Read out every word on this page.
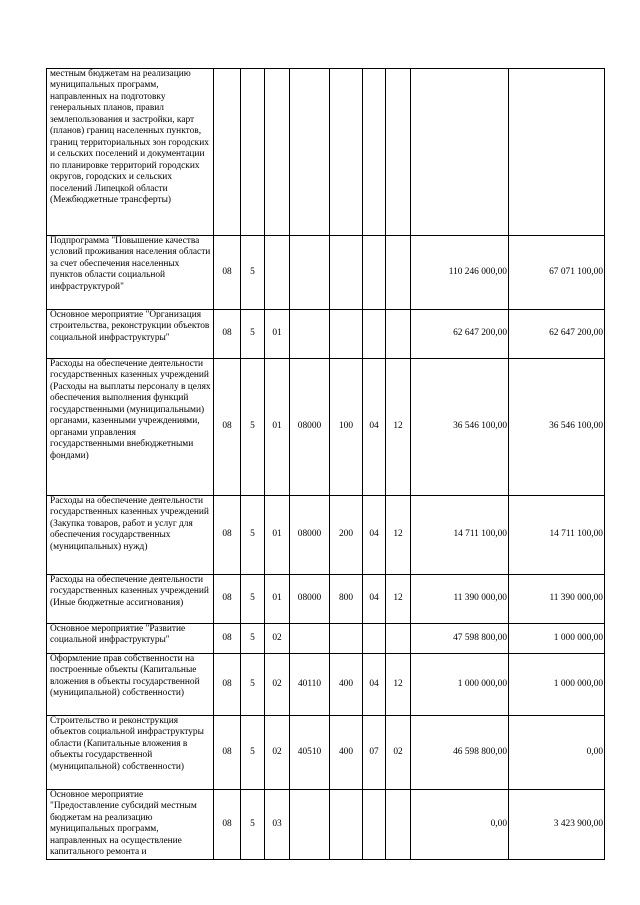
местным бюджетам на реализацию муниципальных программ, направленных на подготовку генеральных планов, правил землепользования и застройки, карт (планов) границ населенных пунктов, границ территориальных зон городских и сельских поселений и документации по планировке территорий городских округов, городских и сельских поселений Липецкой области (Межбюджетные трансферты)									
Подпрограмма "Повышение качества условий проживания населения области за счет обеспечения населенных пунктов области социальной инфраструктурой"	08	5						110 246 000,00	67 071 100,00
Основное мероприятие "Организация строительства, реконструкции объектов социальной инфраструктуры"	08	5	01					62 647 200,00	62 647 200,00
Расходы на обеспечение деятельности государственных казенных учреждений (Расходы на выплаты персоналу в целях обеспечения выполнения функций государственными (муниципальными) органами, казенными учреждениями, органами управления государственными внебюджетными фондами)	08	5	01	08000	100	04	12	36 546 100,00	36 546 100,00
Расходы на обеспечение деятельности государственных казенных учреждений (Закупка товаров, работ и услуг для обеспечения государственных (муниципальных) нужд)	08	5	01	08000	200	04	12	14 711 100,00	14 711 100,00
Расходы на обеспечение деятельности государственных казенных учреждений (Иные бюджетные ассигнования)	08	5	01	08000	800	04	12	11 390 000,00	11 390 000,00
Основное мероприятие "Развитие социальной инфраструктуры"	08	5	02					47 598 800,00	1 000 000,00
Оформление прав собственности на построенные объекты (Капитальные вложения в объекты государственной (муниципальной) собственности)	08	5	02	40110	400	04	12	1 000 000,00	1 000 000,00
Строительство и реконструкция объектов социальной инфраструктуры области (Капитальные вложения в объекты государственной (муниципальной) собственности)	08	5	02	40510	400	07	02	46 598 800,00	0,00
Основное мероприятие "Предоставление субсидий местным бюджетам на реализацию муниципальных программ, направленных на осуществление капитального ремонта и	08	5	03					0,00	3 423 900,00
